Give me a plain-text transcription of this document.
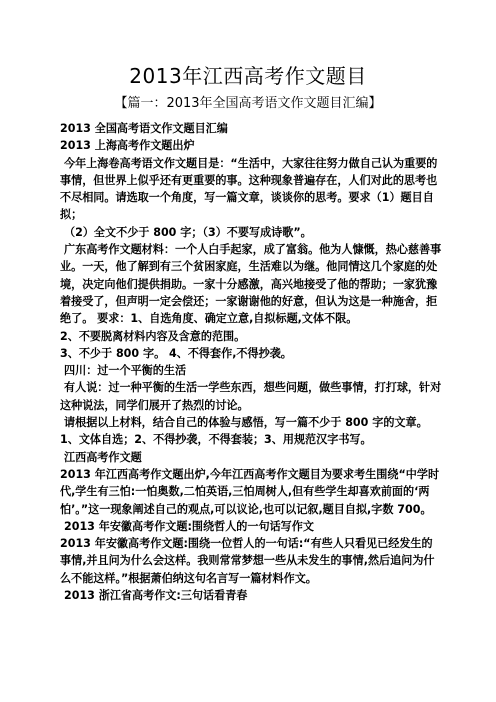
2013年江西高考作文题目
【篇一：2013年全国高考语文作文题目汇编】

2013 全国高考语文作文题目汇编

2013 上海高考作文题出炉

今年上海卷高考语文作文题目是：“生活中，大家往往努力做自己认为重要的事情，但世界上似乎还有更重要的事。这种现象普遍存在，人们对此的思考也不尽相同。请选取一个角度，写一篇文章，谈谈你的思考。要求（1）题目自拟；

（2）全文不少于 800 字；（3）不要写成诗歌”。

广东高考作文题材料：一个人白手起家，成了富翁。他为人慷慨，热心慈善事业。一天，他了解到有三个贫困家庭，生活难以为继。他同情这几个家庭的处境，决定向他们提供捐助。一家十分感激，高兴地接受了他的帮助；一家犹豫着接受了，但声明一定会偿还；一家谢谢他的好意，但认为这是一种施舍，拒绝了。 要求：1、自选角度、确定立意,自拟标题,文体不限。

2、不要脱离材料内容及含意的范围。

3、不少于 800 字。 4、不得套作,不得抄袭。

四川：过一个平衡的生活

有人说：过一种平衡的生活一学些东西，想些问题，做些事情，打打球，针对这种说法，同学们展开了热烈的讨论。

请根据以上材料，结合自己的体验与感悟，写一篇不少于 800 字的文章。

1、文体自选；2、不得抄袭，不得套装；3、用规范汉字书写。

江西高考作文题

2013 年江西高考作文题出炉,今年江西高考作文题目为要求考生围绕“中学时代,学生有三怕:一怕奥数,二怕英语,三怕周树人,但有些学生却喜欢前面的‘两怕’。”这一现象阐述自己的观点,可以议论,也可以记叙,题目自拟,字数 700。

2013 年安徽高考作文题:围绕哲人的一句话写作文

2013 年安徽高考作文题:围绕一位哲人的一句话:“有些人只看见已经发生的事情,并且问为什么会这样。我则常常梦想一些从未发生的事情,然后追问为什么不能这样。”根据萧伯纳这句名言写一篇材料作文。

2013 浙江省高考作文:三句话看青春
